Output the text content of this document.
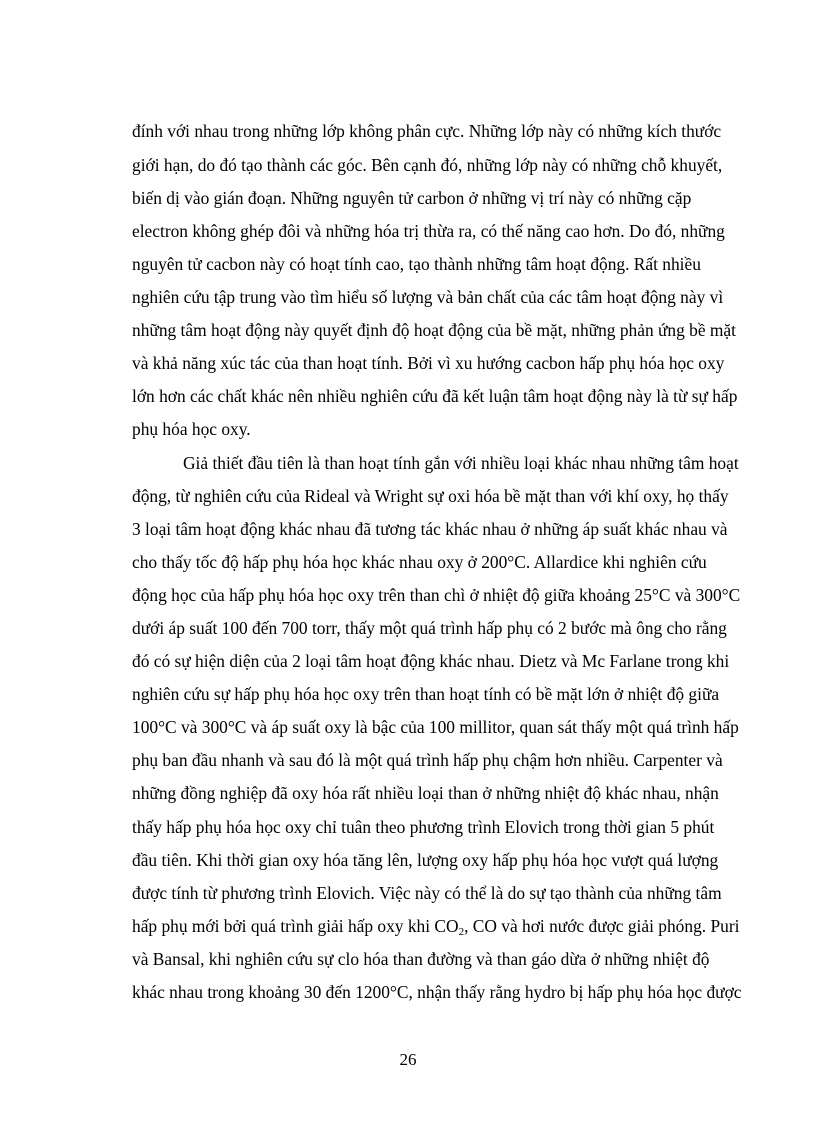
đính với nhau trong những lớp không phân cực. Những lớp này có những kích thước
giới hạn, do đó tạo thành các góc. Bên cạnh đó, những lớp này có những chỗ khuyết,
biến dị vào gián đoạn. Những nguyên tử carbon ở những vị trí này có những cặp
electron không ghép đôi và những hóa trị thừa ra, có thế năng cao hơn. Do đó, những
nguyên tử cacbon này có hoạt tính cao, tạo thành những tâm hoạt động. Rất nhiều
nghiên cứu tập trung vào tìm hiểu số lượng và bản chất của các tâm hoạt động này vì
những tâm hoạt động này quyết định độ hoạt động của bề mặt, những phản ứng bề mặt
và khả năng xúc tác của than hoạt tính. Bởi vì xu hướng cacbon hấp phụ hóa học oxy
lớn hơn các chất khác nên nhiều nghiên cứu đã kết luận tâm hoạt động này là từ sự hấp
phụ hóa học oxy.
Giả thiết đầu tiên là than hoạt tính gắn với nhiều loại khác nhau những tâm hoạt
động, từ nghiên cứu của Rideal và Wright sự oxi hóa bề mặt than với khí oxy, họ thấy
3 loại tâm hoạt động khác nhau đã tương tác khác nhau ở những áp suất khác nhau và
cho thấy tốc độ hấp phụ hóa học khác nhau oxy ở 200°C. Allardice khi nghiên cứu
động học của hấp phụ hóa học oxy trên than chì ở nhiệt độ giữa khoảng 25°C và 300°C
dưới áp suất 100 đến 700 torr, thấy một quá trình hấp phụ có 2 bước mà ông cho rằng
đó có sự hiện diện của 2 loại tâm hoạt động khác nhau. Dietz và Mc Farlane trong khi
nghiên cứu sự hấp phụ hóa học oxy trên than hoạt tính có bề mặt lớn ở nhiệt độ giữa
100°C và 300°C và áp suất oxy là bậc của 100 millitor, quan sát thấy một quá trình hấp
phụ ban đầu nhanh và sau đó là một quá trình hấp phụ chậm hơn nhiều. Carpenter và
những đồng nghiệp đã oxy hóa rất nhiều loại than ở những nhiệt độ khác nhau, nhận
thấy hấp phụ hóa học oxy chỉ tuân theo phương trình Elovich trong thời gian 5 phút
đầu tiên. Khi thời gian oxy hóa tăng lên, lượng oxy hấp phụ hóa học vượt quá lượng
được tính từ phương trình Elovich. Việc này có thể là do sự tạo thành của những tâm
hấp phụ mới bởi quá trình giải hấp oxy khi $CO_2$, CO và hơi nước được giải phóng. Puri
và Bansal, khi nghiên cứu sự clo hóa than đường và than gáo dừa ở những nhiệt độ
khác nhau trong khoảng 30 đến 1200°C, nhận thấy rằng hydro bị hấp phụ hóa học được
26
